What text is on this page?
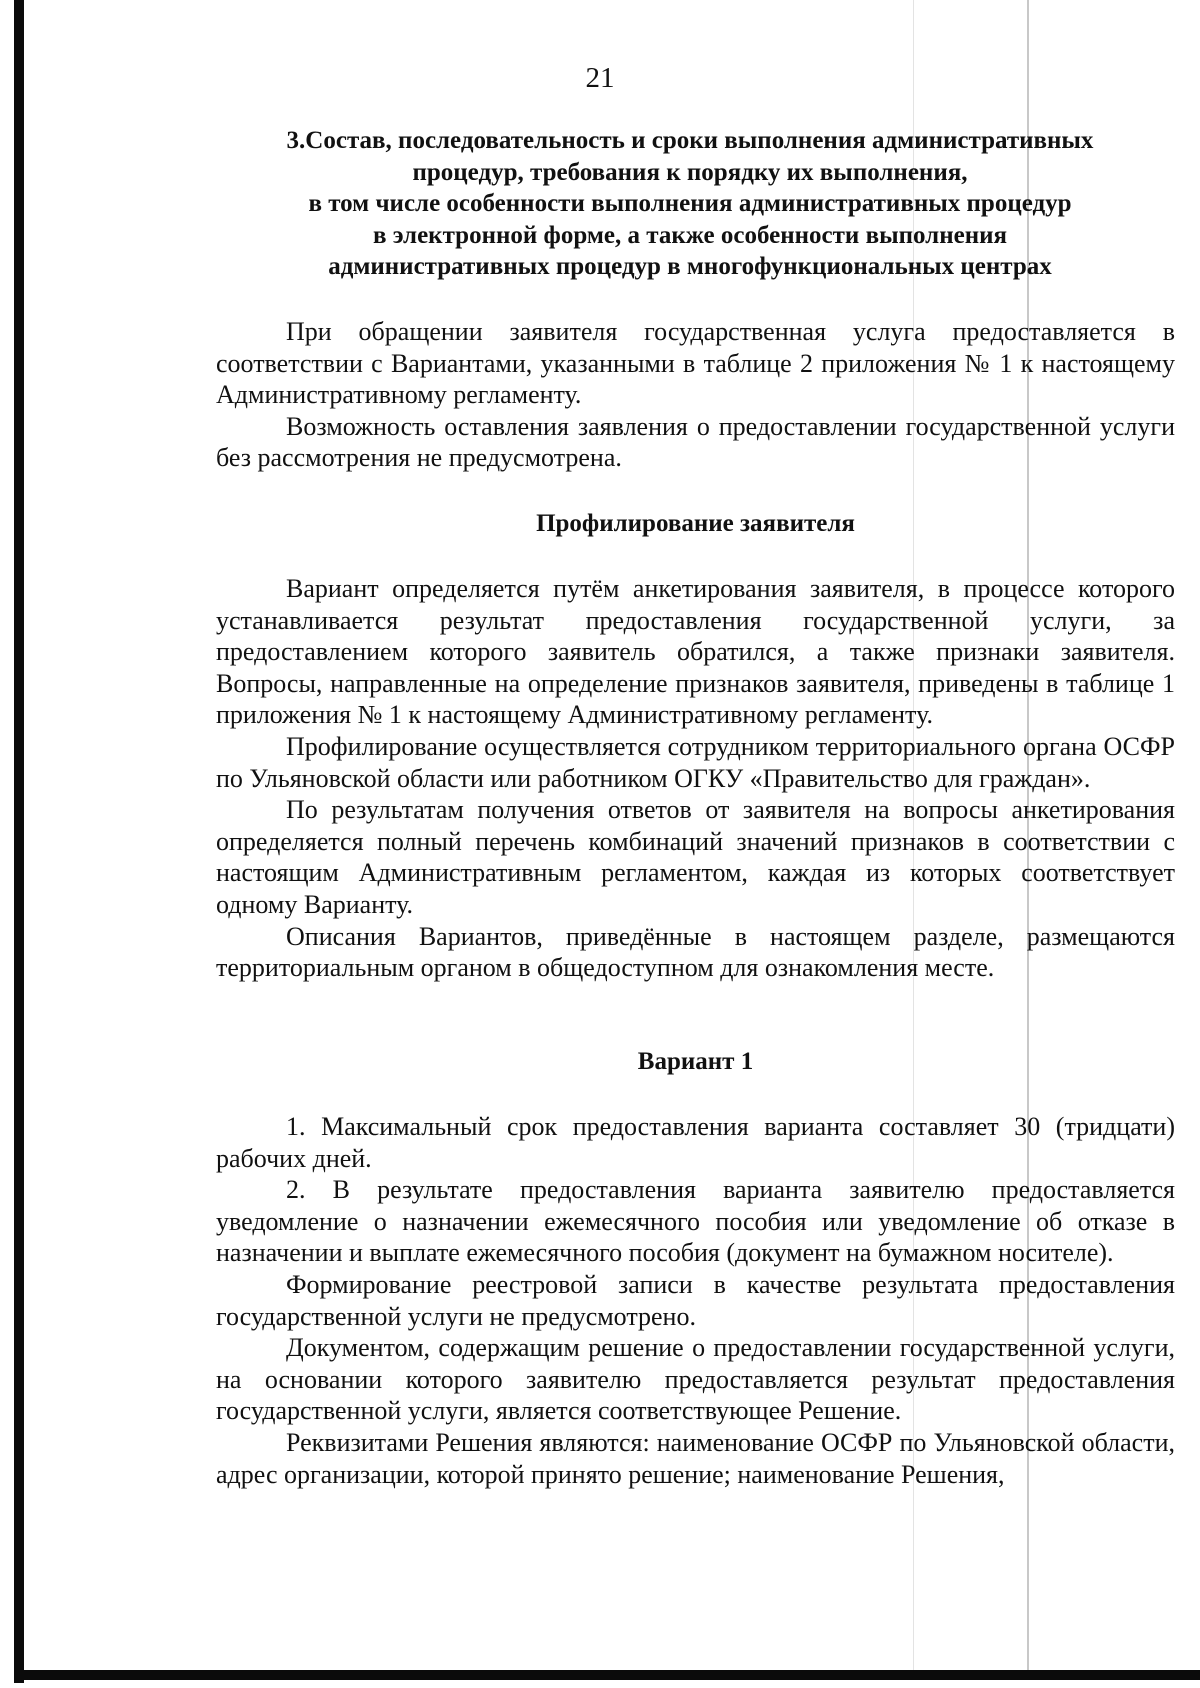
21
3.Состав, последовательность и сроки выполнения административных
процедур, требования к порядку их выполнения,
в том числе особенности выполнения административных процедур
в электронной форме, а также особенности выполнения
административных процедур в многофункциональных центрах

При обращении заявителя государственная услуга предоставляется в соответствии с Вариантами, указанными в таблице 2 приложения № 1 к настоящему Административному регламенту.

Возможность оставления заявления о предоставлении государственной услуги без рассмотрения не предусмотрена.

Профилирование заявителя

Вариант определяется путём анкетирования заявителя, в процессе которого устанавливается результат предоставления государственной услуги, за предоставлением которого заявитель обратился, а также признаки заявителя. Вопросы, направленные на определение признаков заявителя, приведены в таблице 1 приложения № 1 к настоящему Административному регламенту.

Профилирование осуществляется сотрудником территориального органа ОСФР по Ульяновской области или работником ОГКУ «Правительство для граждан».

По результатам получения ответов от заявителя на вопросы анкетирования определяется полный перечень комбинаций значений признаков в соответствии с настоящим Административным регламентом, каждая из которых соответствует одному Варианту.

Описания Вариантов, приведённые в настоящем разделе, размещаются территориальным органом в общедоступном для ознакомления месте.

Вариант 1

1. Максимальный срок предоставления варианта составляет 30 (тридцати) рабочих дней.

2. В результате предоставления варианта заявителю предоставляется уведомление о назначении ежемесячного пособия или уведомление об отказе в назначении и выплате ежемесячного пособия (документ на бумажном носителе).

Формирование реестровой записи в качестве результата предоставления государственной услуги не предусмотрено.

Документом, содержащим решение о предоставлении государственной услуги, на основании которого заявителю предоставляется результат предоставления государственной услуги, является соответствующее Решение.

Реквизитами Решения являются: наименование ОСФР по Ульяновской области, адрес организации, которой принято решение; наименование Решения,
